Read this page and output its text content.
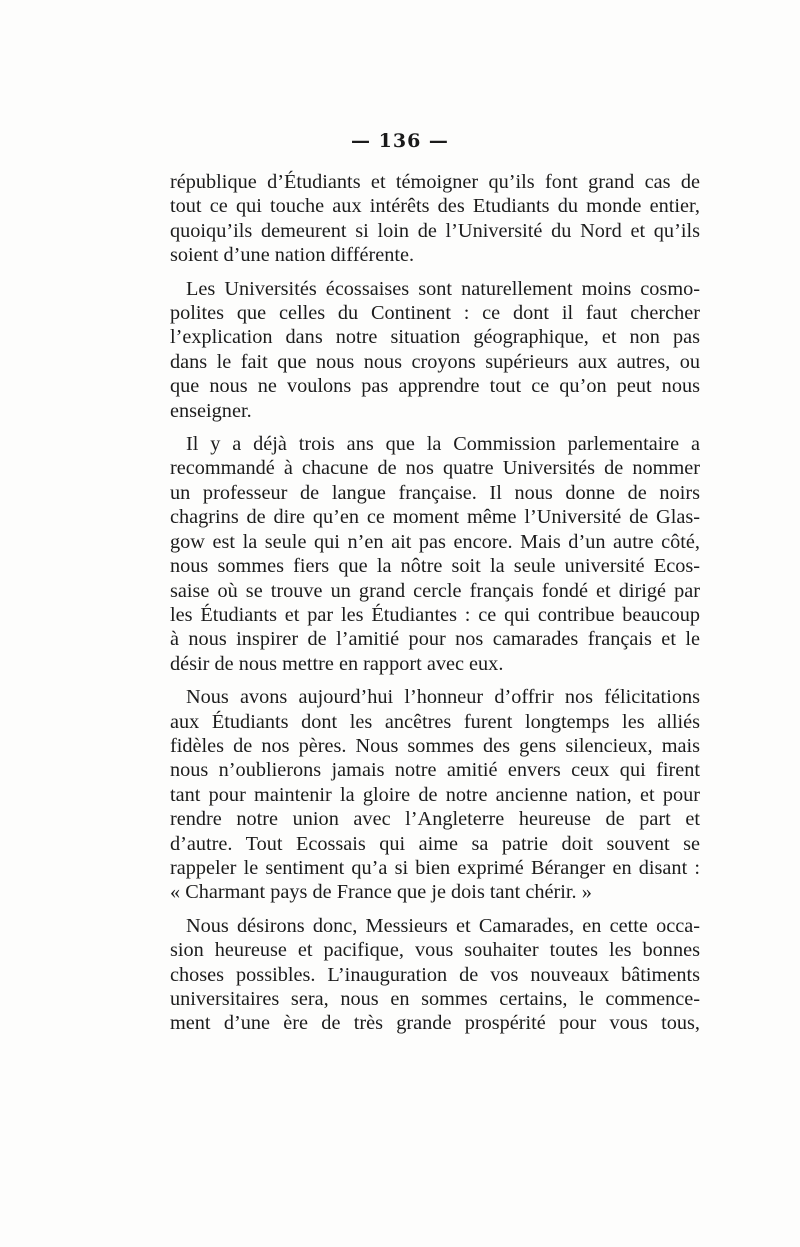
— 136 —

république d’Étudiants et témoigner qu’ils font grand cas de
tout ce qui touche aux intérêts des Etudiants du monde entier,
quoiqu’ils demeurent si loin de l’Université du Nord et qu’ils
soient d’une nation différente.

Les Universités écossaises sont naturellement moins cosmo-
polites que celles du Continent : ce dont il faut chercher
l’explication dans notre situation géographique, et non pas
dans le fait que nous nous croyons supérieurs aux autres, ou
que nous ne voulons pas apprendre tout ce qu’on peut nous
enseigner.

Il y a déjà trois ans que la Commission parlementaire a
recommandé à chacune de nos quatre Universités de nommer
un professeur de langue française. Il nous donne de noirs
chagrins de dire qu’en ce moment même l’Université de Glas-
gow est la seule qui n’en ait pas encore. Mais d’un autre côté,
nous sommes fiers que la nôtre soit la seule université Ecos-
saise où se trouve un grand cercle français fondé et dirigé par
les Étudiants et par les Étudiantes : ce qui contribue beaucoup
à nous inspirer de l’amitié pour nos camarades français et le
désir de nous mettre en rapport avec eux.

Nous avons aujourd’hui l’honneur d’offrir nos félicitations
aux Étudiants dont les ancêtres furent longtemps les alliés
fidèles de nos pères. Nous sommes des gens silencieux, mais
nous n’oublierons jamais notre amitié envers ceux qui firent
tant pour maintenir la gloire de notre ancienne nation, et pour
rendre notre union avec l’Angleterre heureuse de part et
d’autre. Tout Ecossais qui aime sa patrie doit souvent se
rappeler le sentiment qu’a si bien exprimé Béranger en disant :
« Charmant pays de France que je dois tant chérir. »

Nous désirons donc, Messieurs et Camarades, en cette occa-
sion heureuse et pacifique, vous souhaiter toutes les bonnes
choses possibles. L’inauguration de vos nouveaux bâtiments
universitaires sera, nous en sommes certains, le commence-
ment d’une ère de très grande prospérité pour vous tous,
